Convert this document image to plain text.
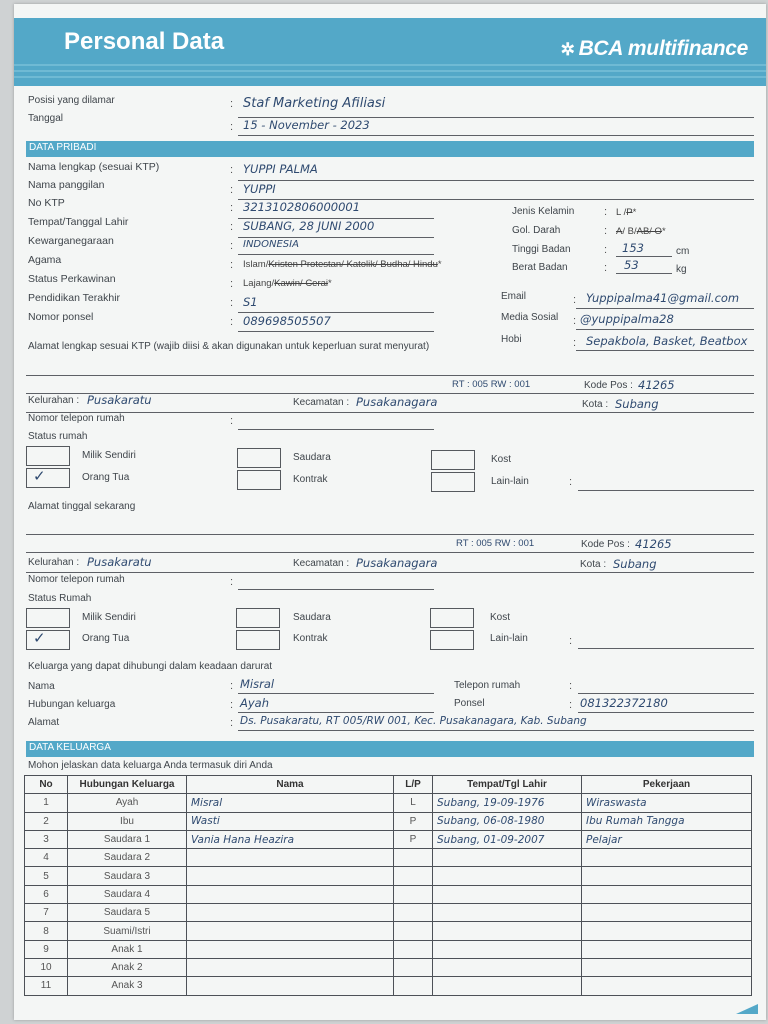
Personal Data	✲ BCA multifinance
Posisi yang dilamar	: Staf Marketing Afiliasi
Tanggal
: 15 - November - 2023
DATA PRIBADI
Nama lengkap (sesuai KTP)	: YUPPI PALMA
Nama panggilan	: YUPPI
No KTP	: 3213102806000001
Tempat/Tanggal Lahir	: SUBANG, 28 JUNI 2000
Kewarganegaraan	: INDONESIA
Agama	: Islam/Kristen Protestan/ Katolik/ Budha/ Hindu*
Status Perkawinan	: Lajang/Kawin/ Cerai*
Pendidikan Terakhir	: S1
Nomor ponsel	: 089698505507
Jenis Kelamin	: L /P*
Gol. Darah	: A/ B/AB/ O*
Tinggi Badan	: 153	cm
Berat Badan	: 53	kg
Email	: Yuppipalma41@gmail.com
Media Sosial : @yuppipalma28
Hobi	: Sepakbola, Basket, Beatbox
Alamat lengkap sesuai KTP (wajib diisi & akan digunakan untuk keperluan surat menyurat)
RT : 005 RW : 001	Kode Pos : 41265
Kelurahan : Pusakaratu	Kecamatan : Pusakanagara	Kota : Subang
Nomor telepon rumah	:
Status rumah
Milik Sendiri
✓	Orang Tua
Saudara
Kontrak
Kost
Lain-lain	:
Alamat tinggal sekarang
RT : 005 RW : 001	Kode Pos : 41265
Kelurahan : Pusakaratu	Kecamatan : Pusakanagara	Kota : Subang
Nomor telepon rumah	:
Status Rumah
Milik Sendiri
✓	Orang Tua
Saudara
Kontrak
Kost
Lain-lain	:
Keluarga yang dapat dihubungi dalam keadaan darurat
Nama	: Misral	Telepon rumah	:
Hubungan keluarga	: Ayah	Ponsel	: 081322372180
Alamat	: Ds. Pusakaratu, RT 005/RW 001, Kec. Pusakanagara, Kab. Subang
DATA KELUARGA
Mohon jelaskan data keluarga Anda termasuk diri Anda
No	Hubungan Keluarga	Nama	L/P	Tempat/Tgl Lahir	Pekerjaan
1	Ayah	Misral	L	Subang, 19-09-1976	Wiraswasta
2	Ibu	Wasti	P	Subang, 06-08-1980	Ibu Rumah Tangga
3	Saudara 1	Vania Hana Heazira	P	Subang, 01-09-2007	Pelajar
4	Saudara 2				
5	Saudara 3				
6	Saudara 4				
7	Saudara 5				
8	Suami/Istri				
9	Anak 1				
10	Anak 2				
11	Anak 3				
